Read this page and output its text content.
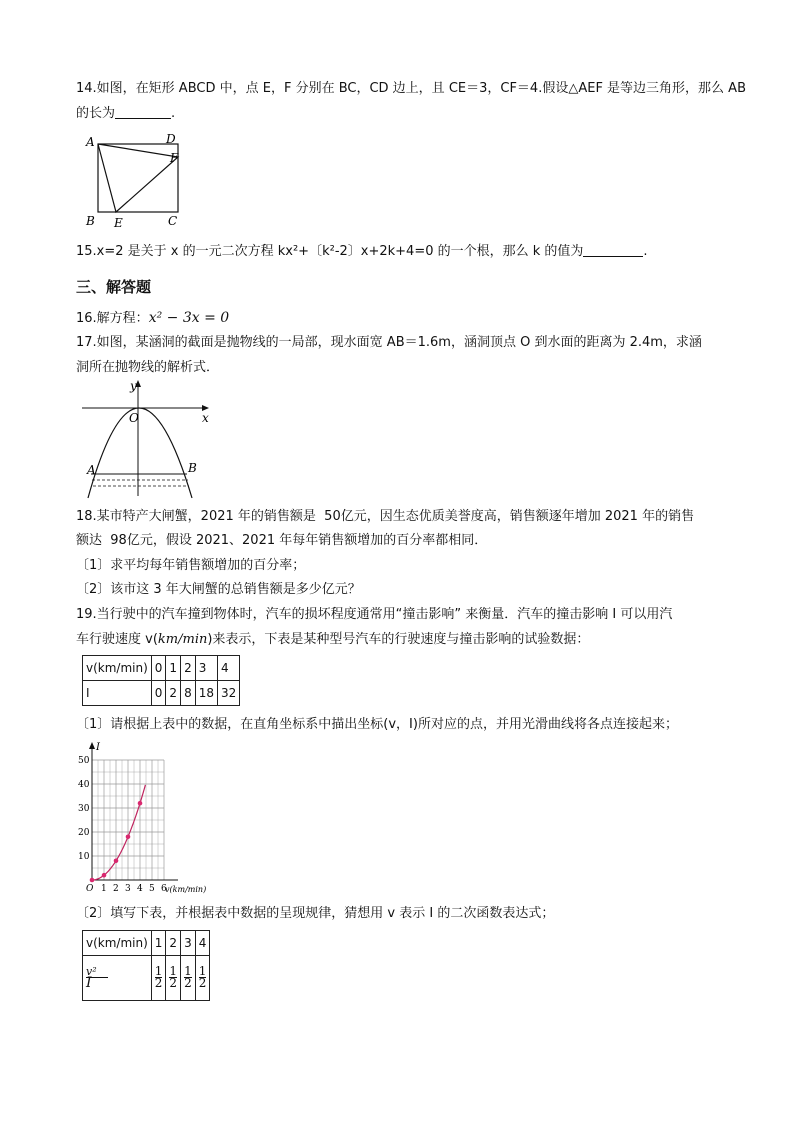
14.如图，在矩形 ABCD 中，点 E，F 分别在 BC，CD 边上，且 CE＝3，CF＝4.假设△AEF 是等边三角形，那么 AB
的长为	.
A	D
F
B E	C
15.x=2 是关于 x 的一元二次方程 kx²+〔k²-2〕x+2k+4=0 的一个根，那么 k 的值为	.
三、解答题
16.解方程：x² − 3x = 0
17.如图，某涵洞的截面是抛物线的一局部，现水面宽 AB＝1.6m，涵洞顶点 O 到水面的距离为 2.4m，求涵
洞所在抛物线的解析式．
y
x
O
A	B
18.某市特产大闸蟹，2021 年的销售额是 50亿元，因生态优质美誉度高，销售额逐年增加 2021 年的销售
额达 98亿元，假设 2021、2021 年每年销售额增加的百分率都相同．
〔1〕求平均每年销售额增加的百分率；
〔2〕该市这 3 年大闸蟹的总销售额是多少亿元？
19.当行驶中的汽车撞到物体时，汽车的损坏程度通常用“撞击影响” 来衡量．汽车的撞击影响 I 可以用汽
车行驶速度 v(km/min)来表示，下表是某种型号汽车的行驶速度与撞击影响的试验数据：
v(km/min)	0	1	2	3	4
I	0	2	8	18	32
〔1〕请根据上表中的数据，在直角坐标系中描出坐标(v，I)所对应的点，并用光滑曲线将各点连接起来；
O 1 2 3 4 5 6
10
20
30
40
50
I
v(km/min)
〔2〕填写下表，并根据表中数据的呈现规律，猜想用 v 表示 I 的二次函数表达式；
v(km/min)	1	2	3	4

$\frac{\text{v²}}{I}$	$\frac{1}{2}$	$\frac{1}{2}$	$\frac{1}{2}$	$\frac{1}{2}$
